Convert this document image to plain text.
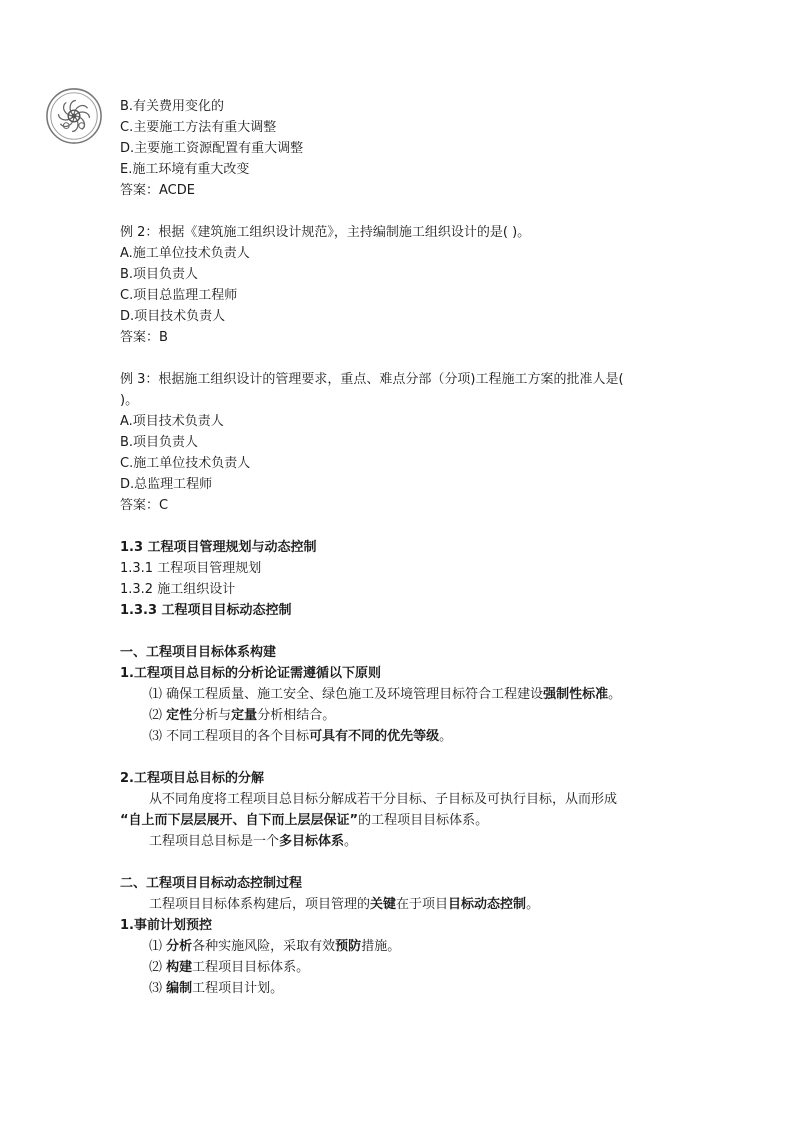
B.有关费用变化的
C.主要施工方法有重大调整
D.主要施工资源配置有重大调整
E.施工环境有重大改变
答案：ACDE
例 2：根据《建筑施工组织设计规范》，主持编制施工组织设计的是( )。
A.施工单位技术负责人
B.项目负责人
C.项目总监理工程师
D.项目技术负责人
答案：B
例 3：根据施工组织设计的管理要求，重点、难点分部（分项)工程施工方案的批准人是(
)。
A.项目技术负责人
B.项目负责人
C.施工单位技术负责人
D.总监理工程师
答案：C
1.3 工程项目管理规划与动态控制
1.3.1 工程项目管理规划
1.3.2 施工组织设计
1.3.3 工程项目目标动态控制
一、工程项目目标体系构建
1.工程项目总目标的分析论证需遵循以下原则
⑴ 确保工程质量、施工安全、绿色施工及环境管理目标符合工程建设强制性标准。
⑵ 定性分析与定量分析相结合。
⑶ 不同工程项目的各个目标可具有不同的优先等级。
2.工程项目总目标的分解
从不同角度将工程项目总目标分解成若干分目标、子目标及可执行目标，从而形成
“自上而下层层展开、自下而上层层保证”的工程项目目标体系。
工程项目总目标是一个多目标体系。
二、工程项目目标动态控制过程
工程项目目标体系构建后，项目管理的关键在于项目目标动态控制。
1.事前计划预控
⑴ 分析各种实施风险，采取有效预防措施。
⑵ 构建工程项目目标体系。
⑶ 编制工程项目计划。
